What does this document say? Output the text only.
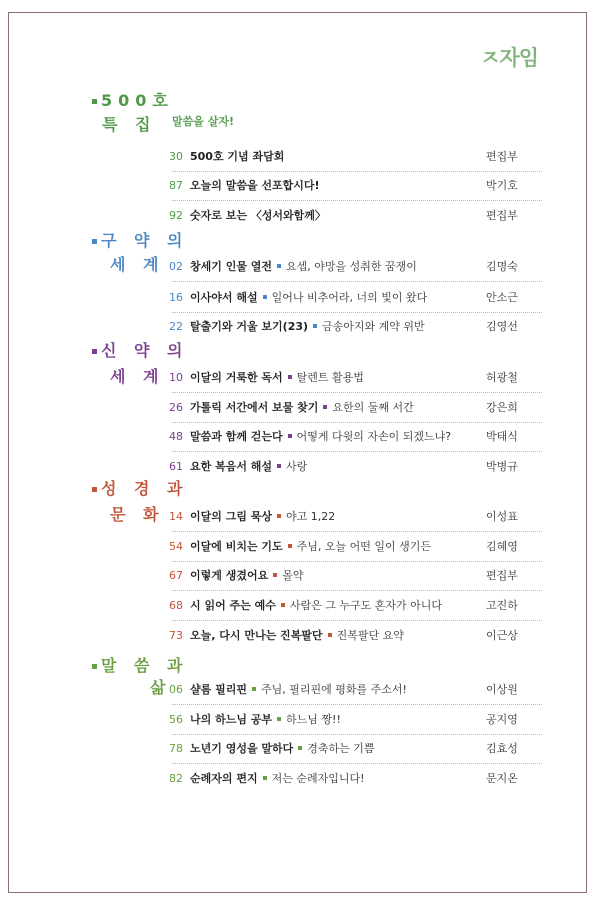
ㅈ자임
500호
특 집 말씀을 살자!
30 500호 기념 좌담회	편집부
87 오늘의 말씀을 선포합시다!	박기호
92 숫자로 보는 〈성서와함께〉	편집부
구 약 의
세 계 02 창세기 인물 열전 요셉, 야망을 성취한 꿈쟁이	김명숙
16 이사야서 해설 일어나 비추어라, 너의 빛이 왔다	안소근
22 탈출기와 거울 보기(23) 금송아지와 계약 위반	김영선
신 약 의
세 계 10 이달의 거룩한 독서 탈렌트 활용법	허광철
26 가톨릭 서간에서 보물 찾기 요한의 둘째 서간	강은희
48 말씀과 함께 걷는다 어떻게 다윗의 자손이 되겠느냐?	박태식
61 요한 복음서 해설 사랑	박병규
성 경 과
문 화 14 이달의 그림 묵상 야고 1,22	이성표
54 이달에 비치는 기도 주님, 오늘 어떤 일이 생기든	김혜영
67 이렇게 생겼어요 몰약	편집부
68 시 읽어 주는 예수 사람은 그 누구도 혼자가 아니다	고진하
73 오늘, 다시 만나는 진복팔단 진복팔단 요약	이근상
말 씀 과
삶
06 샬롬 필리핀 주님, 필리핀에 평화를 주소서!	이상원
56 나의 하느님 공부 하느님 짱!!	공지영
78 노년기 영성을 말하다 경축하는 기쁨	김효성
82 순례자의 편지 저는 순례자입니다!	문지온
